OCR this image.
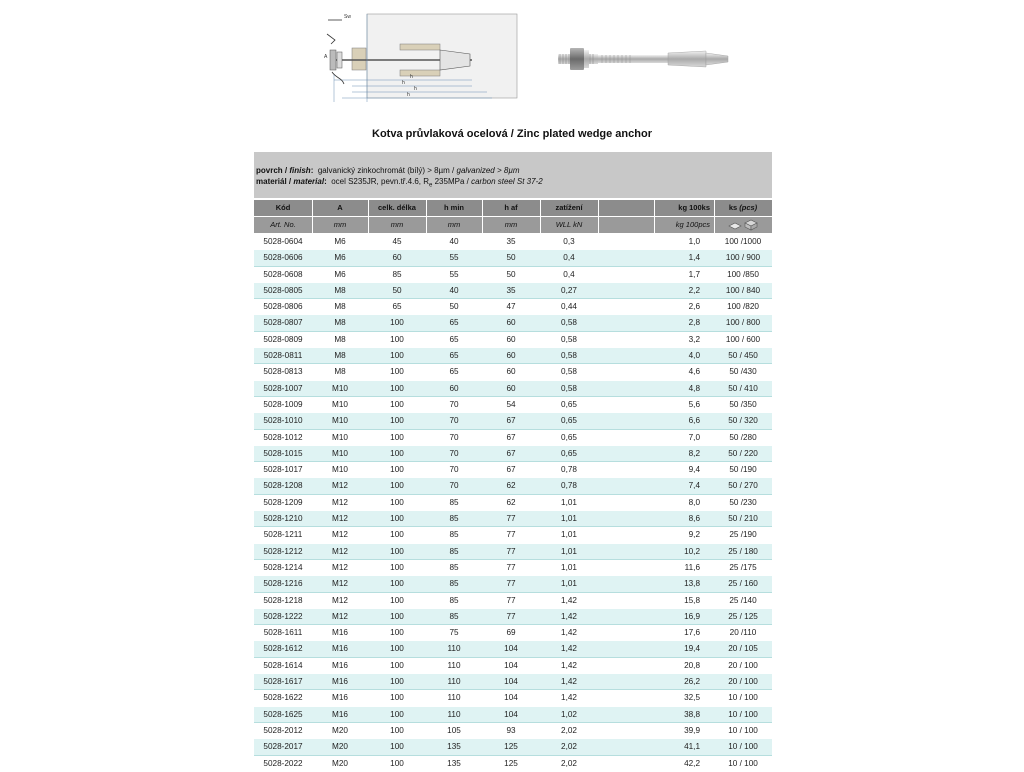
Sw
A
h
h
h
h
Kotva průvlaková ocelová / Zinc plated wedge anchor
povrch / finish: galvanický zinkochromát (bílý) > 8µm / galvanized > 8µm
materiál / material: ocel S235JR, pevn.tř.4.6, $R_e$ 235MPa / carbon steel St 37-2
Kód	A	celk. délka	h min	h af	zatížení	kg 100ks	ks (pcs)
Art. No.	mm	mm	mm	mm	WLL kN	kg 100pcs

5028-0604	M6	45	40	35	0,3	1,0	100 /1000
5028-0606	M6	60	55	50	0,4	1,4	100 / 900
5028-0608	M6	85	55	50	0,4	1,7	100 /850
5028-0805	M8	50	40	35	0,27	2,2	100 / 840
5028-0806	M8	65	50	47	0,44	2,6	100 /820
5028-0807	M8	100	65	60	0,58	2,8	100 / 800
5028-0809	M8	100	65	60	0,58	3,2	100 / 600
5028-0811	M8	100	65	60	0,58	4,0	50 / 450
5028-0813	M8	100	65	60	0,58	4,6	50 /430
5028-1007	M10	100	60	60	0,58	4,8	50 / 410
5028-1009	M10	100	70	54	0,65	5,6	50 /350
5028-1010	M10	100	70	67	0,65	6,6	50 / 320
5028-1012	M10	100	70	67	0,65	7,0	50 /280
5028-1015	M10	100	70	67	0,65	8,2	50 / 220
5028-1017	M10	100	70	67	0,78	9,4	50 /190
5028-1208	M12	100	70	62	0,78	7,4	50 / 270
5028-1209	M12	100	85	62	1,01	8,0	50 /230
5028-1210	M12	100	85	77	1,01	8,6	50 / 210
5028-1211	M12	100	85	77	1,01	9,2	25 /190
5028-1212	M12	100	85	77	1,01	10,2	25 / 180
5028-1214	M12	100	85	77	1,01	11,6	25 /175
5028-1216	M12	100	85	77	1,01	13,8	25 / 160
5028-1218	M12	100	85	77	1,42	15,8	25 /140
5028-1222	M12	100	85	77	1,42	16,9	25 / 125
5028-1611	M16	100	75	69	1,42	17,6	20 /110
5028-1612	M16	100	110	104	1,42	19,4	20 / 105
5028-1614	M16	100	110	104	1,42	20,8	20 / 100
5028-1617	M16	100	110	104	1,42	26,2	20 / 100
5028-1622	M16	100	110	104	1,42	32,5	10 / 100
5028-1625	M16	100	110	104	1,02	38,8	10 / 100
5028-2012	M20	100	105	93	2,02	39,9	10 / 100
5028-2017	M20	100	135	125	2,02	41,1	10 / 100
5028-2022	M20	100	135	125	2,02	42,2	10 / 100
